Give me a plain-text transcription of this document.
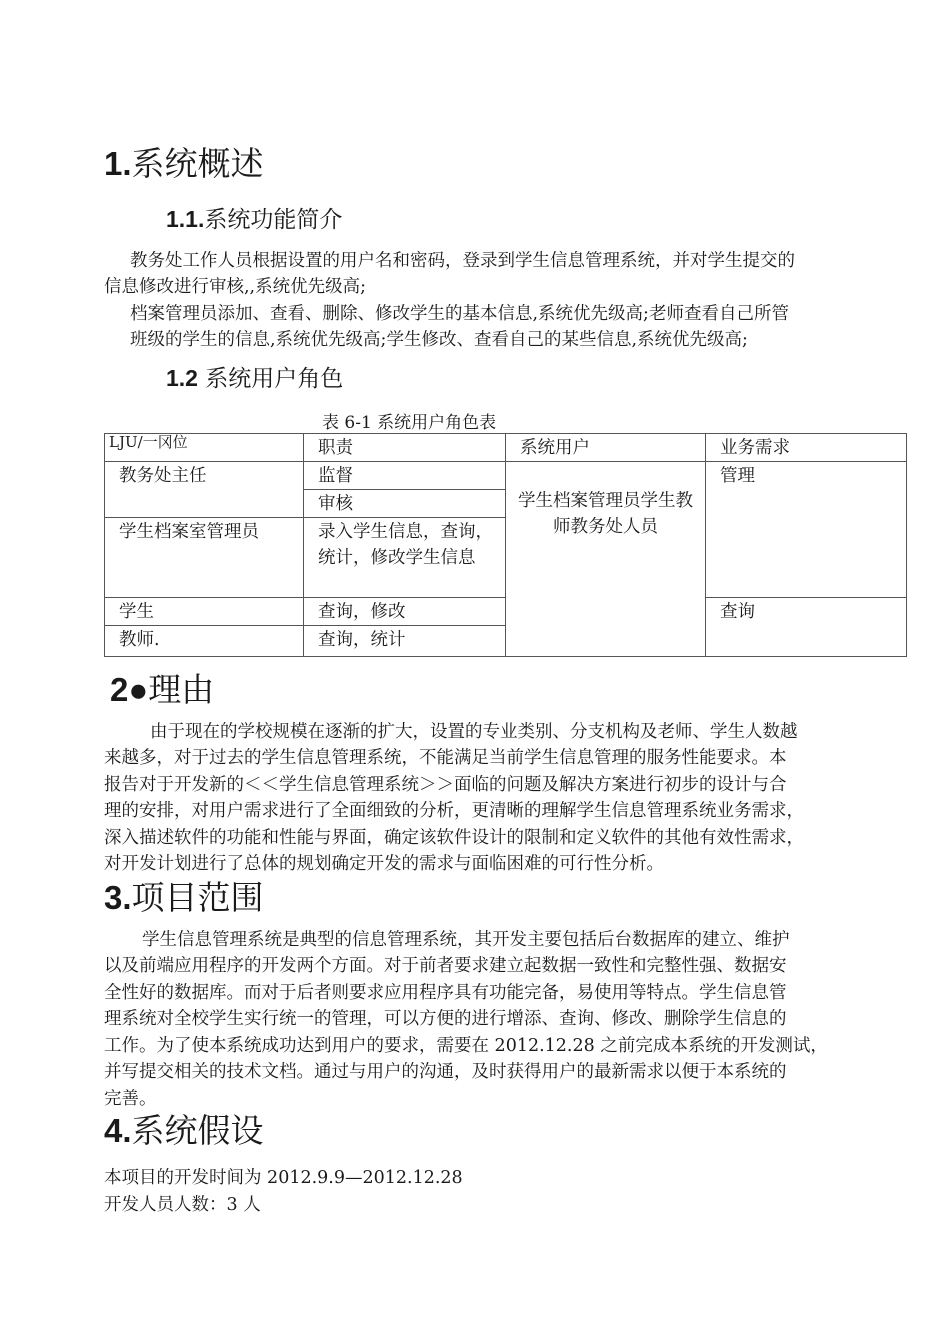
1.系统概述
1.1.系统功能简介
教务处工作人员根据设置的用户名和密码，登录到学生信息管理系统，并对学生提交的
信息修改进行审核,,系统优先级高;
档案管理员添加、查看、删除、修改学生的基本信息,系统优先级高;老师查看自己所管
班级的学生的信息,系统优先级高;学生修改、查看自己的某些信息,系统优先级高;
1.2 系统用户角色
表 6-1 系统用户角色表
LJU/一冈位	职责	系统用户	业务需求
教务处主任	监督	学生档案管理员学生教师教务处人员	管理
	审核		
学生档案室管理员	录入学生信息，查询，统计，修改学生信息		
学生	查询，修改		查询
教师.	查询，统计		
2●理由
由于现在的学校规模在逐渐的扩大，设置的专业类别、分支机构及老师、学生人数越
来越多，对于过去的学生信息管理系统，不能满足当前学生信息管理的服务性能要求。本
报告对于开发新的＜＜学生信息管理系统＞＞面临的问题及解决方案进行初步的设计与合
理的安排，对用户需求进行了全面细致的分析，更清晰的理解学生信息管理系统业务需求，
深入描述软件的功能和性能与界面，确定该软件设计的限制和定义软件的其他有效性需求，
对开发计划进行了总体的规划确定开发的需求与面临困难的可行性分析。
3.项目范围
学生信息管理系统是典型的信息管理系统，其开发主要包括后台数据库的建立、维护
以及前端应用程序的开发两个方面。对于前者要求建立起数据一致性和完整性强、数据安
全性好的数据库。而对于后者则要求应用程序具有功能完备，易使用等特点。学生信息管
理系统对全校学生实行统一的管理，可以方便的进行增添、查询、修改、删除学生信息的
工作。为了使本系统成功达到用户的要求，需要在 2012.12.28 之前完成本系统的开发测试，
并写提交相关的技术文档。通过与用户的沟通，及时获得用户的最新需求以便于本系统的
完善。
4.系统假设
本项目的开发时间为 2012.9.9—2012.12.28
开发人员人数：3 人
